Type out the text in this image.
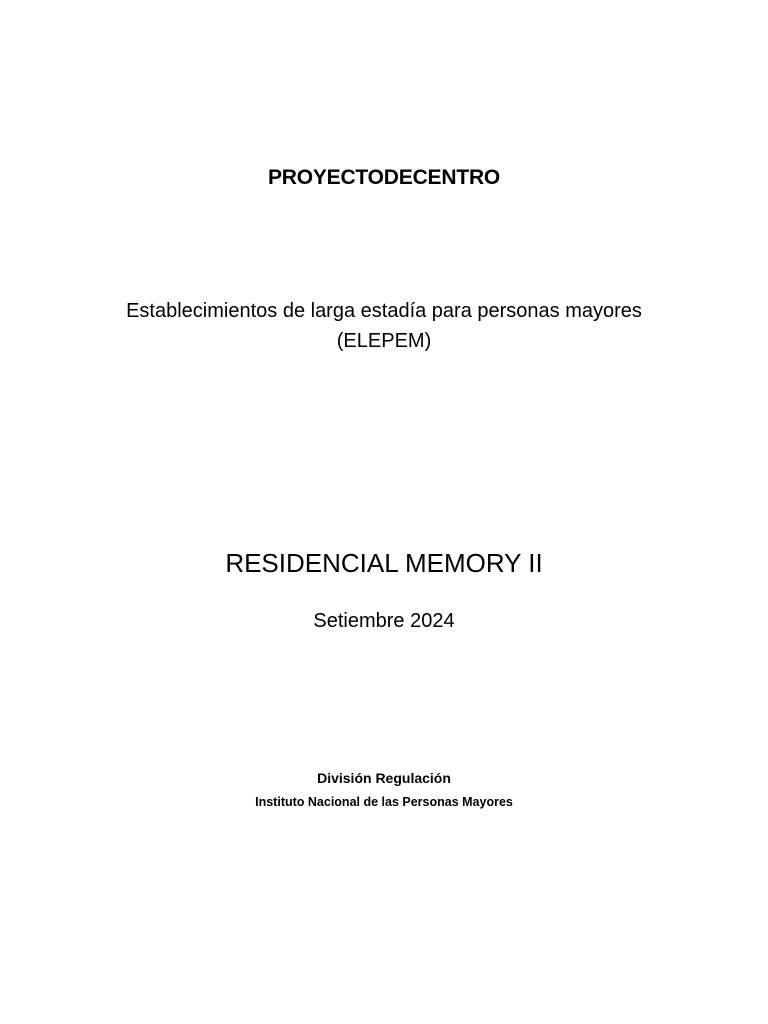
PROYECTODECENTRO
Establecimientos de larga estadía para personas mayores
(ELEPEM)
RESIDENCIAL MEMORY II
Setiembre 2024
División Regulación
Instituto Nacional de las Personas Mayores
